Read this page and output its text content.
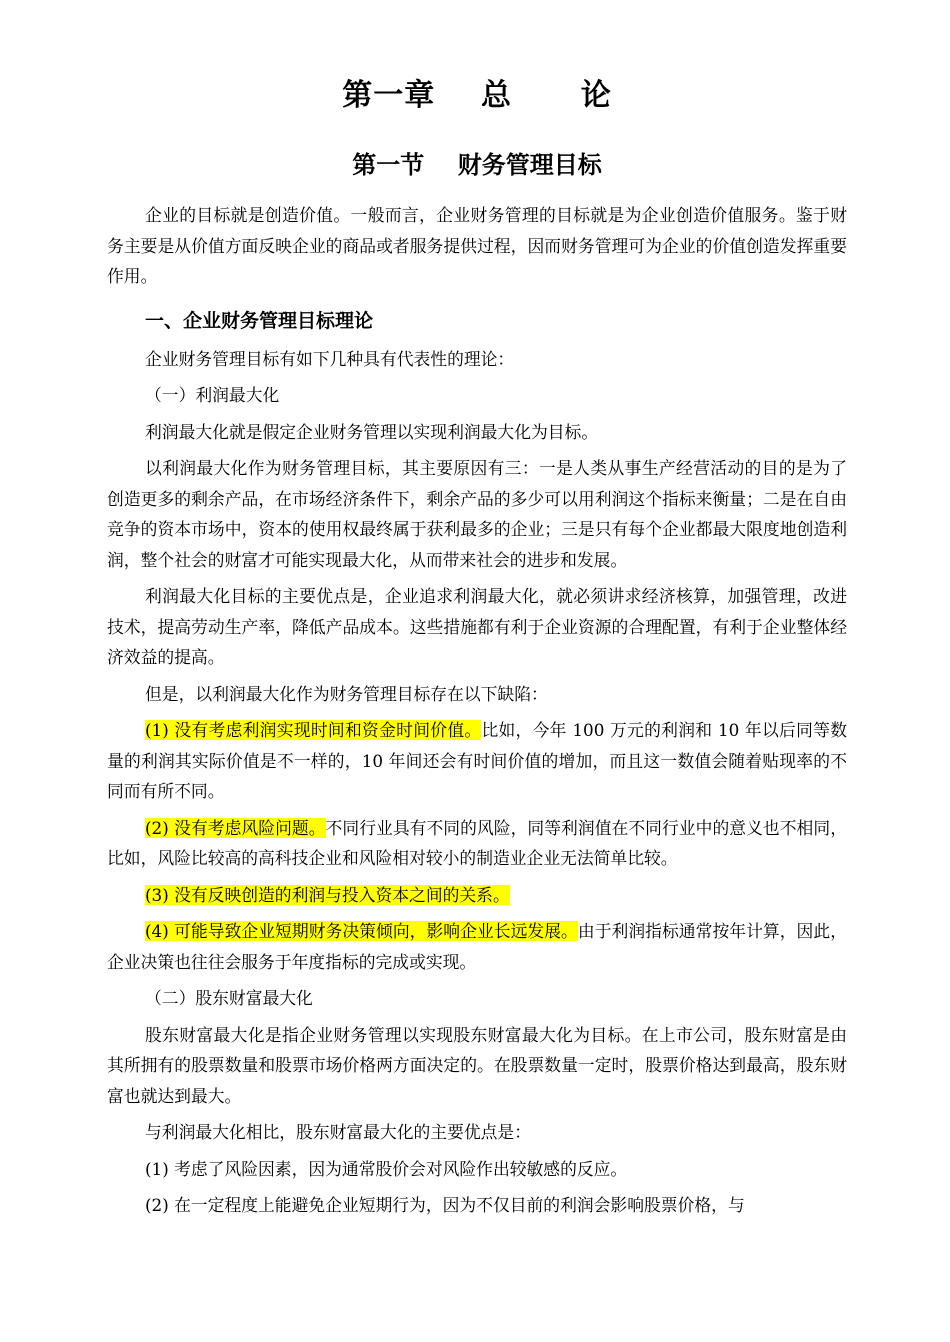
第一章    总      论
第一节    财务管理目标

企业的目标就是创造价值。一般而言，企业财务管理的目标就是为企业创造价值服务。鉴于财务主要是从价值方面反映企业的商品或者服务提供过程，因而财务管理可为企业的价值创造发挥重要作用。

一、企业财务管理目标理论

企业财务管理目标有如下几种具有代表性的理论：

（一）利润最大化

利润最大化就是假定企业财务管理以实现利润最大化为目标。

以利润最大化作为财务管理目标，其主要原因有三：一是人类从事生产经营活动的目的是为了创造更多的剩余产品，在市场经济条件下，剩余产品的多少可以用利润这个指标来衡量；二是在自由竞争的资本市场中，资本的使用权最终属于获利最多的企业；三是只有每个企业都最大限度地创造利润，整个社会的财富才可能实现最大化，从而带来社会的进步和发展。

利润最大化目标的主要优点是，企业追求利润最大化，就必须讲求经济核算，加强管理，改进技术，提高劳动生产率，降低产品成本。这些措施都有利于企业资源的合理配置，有利于企业整体经济效益的提高。

但是，以利润最大化作为财务管理目标存在以下缺陷：

(1) 没有考虑利润实现时间和资金时间价值。比如，今年 100 万元的利润和 10 年以后同等数量的利润其实际价值是不一样的，10 年间还会有时间价值的增加，而且这一数值会随着贴现率的不同而有所不同。

(2) 没有考虑风险问题。不同行业具有不同的风险，同等利润值在不同行业中的意义也不相同，比如，风险比较高的高科技企业和风险相对较小的制造业企业无法简单比较。

(3) 没有反映创造的利润与投入资本之间的关系。

(4) 可能导致企业短期财务决策倾向，影响企业长远发展。由于利润指标通常按年计算，因此，企业决策也往往会服务于年度指标的完成或实现。

（二）股东财富最大化

股东财富最大化是指企业财务管理以实现股东财富最大化为目标。在上市公司，股东财富是由其所拥有的股票数量和股票市场价格两方面决定的。在股票数量一定时，股票价格达到最高，股东财富也就达到最大。

与利润最大化相比，股东财富最大化的主要优点是：

(1) 考虑了风险因素，因为通常股价会对风险作出较敏感的反应。

(2) 在一定程度上能避免企业短期行为，因为不仅目前的利润会影响股票价格，与
